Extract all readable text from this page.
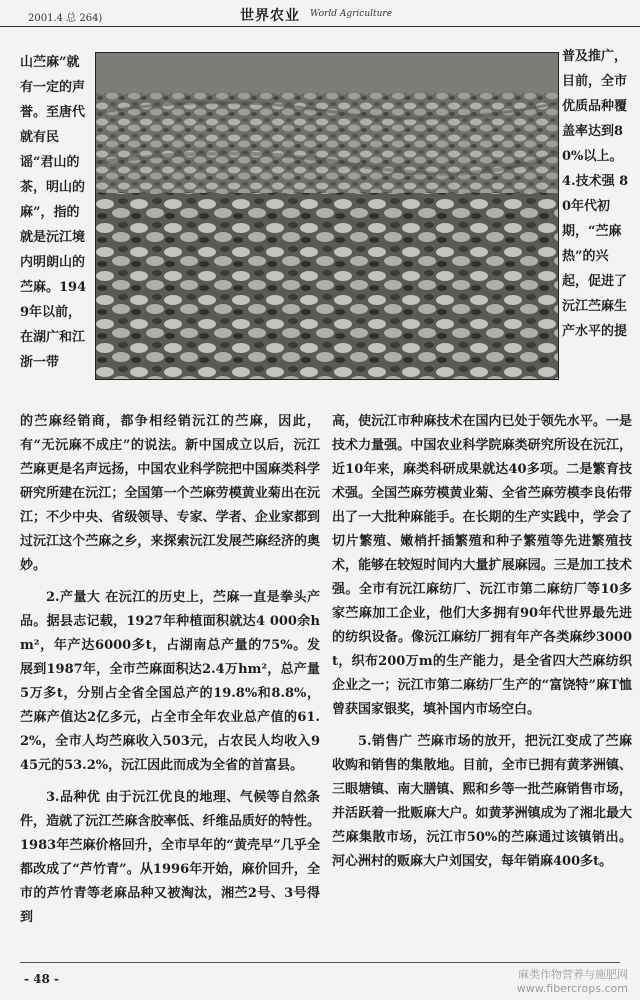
2001.4 总 264)	世界农业 World Agriculture
山苎麻”就有一定的声誉。至唐代就有民谣“君山的茶，明山的麻”，指的就是沅江境内明朗山的苎麻。1949年以前，在湖广和江浙一带
普及推广，目前，全市优质品种覆盖率达到80%以上。4.技术强 80年代初期，“苎麻热”的兴起，促进了沅江苎麻生产水平的提

的苎麻经销商，都争相经销沅江的苎麻，因此，有“无沅麻不成庄”的说法。新中国成立以后，沅江苎麻更是名声远扬，中国农业科学院把中国麻类科学研究所建在沅江；全国第一个苎麻劳模黄业菊出在沅江；不少中央、省级领导、专家、学者、企业家都到过沅江这个苎麻之乡，来探索沅江发展苎麻经济的奥妙。

2.产量大 在沅江的历史上，苎麻一直是拳头产品。据县志记载，1927年种植面积就达4 000余hm²，年产达6000多t，占湖南总产量的75%。发展到1987年，全市苎麻面积达2.4万hm²，总产量5万多t，分别占全省全国总产的19.8%和8.8%，苎麻产值达2亿多元，占全市全年农业总产值的61.2%，全市人均苎麻收入503元，占农民人均收入945元的53.2%，沅江因此而成为全省的首富县。

3.品种优 由于沅江优良的地理、气候等自然条件，造就了沅江苎麻含胶率低、纤维品质好的特性。1983年苎麻价格回升，全市早年的“黄壳早”几乎全都改成了“芦竹青”。从1996年开始，麻价回升，全市的芦竹青等老麻品种又被淘汰，湘苎2号、3号得到

高，使沅江市种麻技术在国内已处于领先水平。一是技术力量强。中国农业科学院麻类研究所设在沅江，近10年来，麻类科研成果就达40多项。二是繁育技术强。全国苎麻劳模黄业菊、全省苎麻劳模李良佑带出了一大批种麻能手。在长期的生产实践中，学会了切片繁殖、嫩梢扦插繁殖和种子繁殖等先进繁殖技术，能够在较短时间内大量扩展麻园。三是加工技术强。全市有沅江麻纺厂、沅江市第二麻纺厂等10多家苎麻加工企业，他们大多拥有90年代世界最先进的纺织设备。像沅江麻纺厂拥有年产各类麻纱3000t，织布200万m的生产能力，是全省四大苎麻纺织企业之一；沅江市第二麻纺厂生产的“富饶特”麻T恤曾获国家银奖，填补国内市场空白。

5.销售广 苎麻市场的放开，把沅江变成了苎麻收购和销售的集散地。目前，全市已拥有黄茅洲镇、三眼塘镇、南大膳镇、熙和乡等一批苎麻销售市场，并活跃着一批贩麻大户。如黄茅洲镇成为了湘北最大苎麻集散市场，沅江市50%的苎麻通过该镇销出。河心洲村的贩麻大户刘国安，每年销麻400多t。

- 48 -	麻类作物营养与施肥网
www.fibercrops.com
